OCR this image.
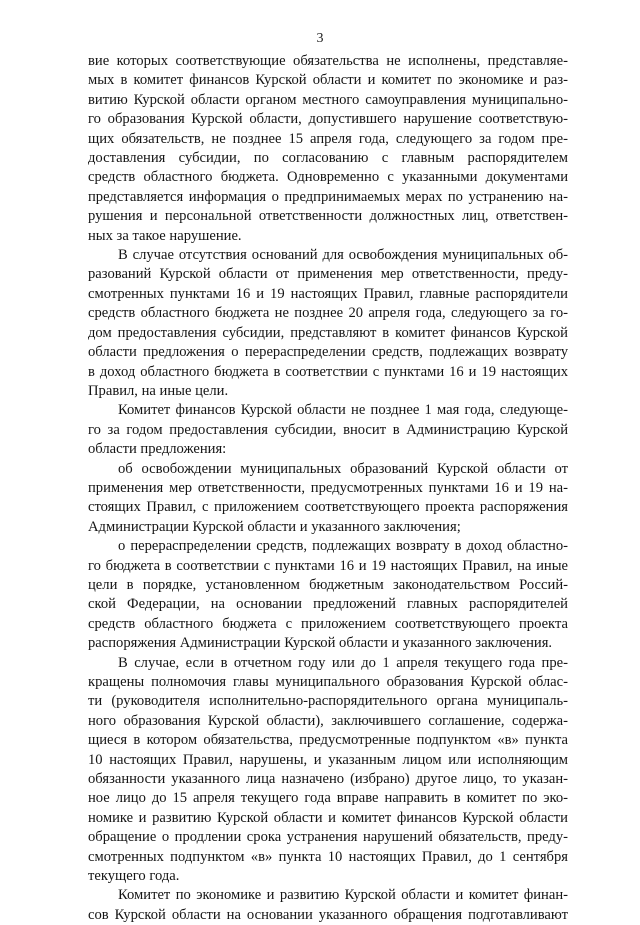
3
вие которых соответствующие обязательства не исполнены, представляе-
мых в комитет финансов Курской области и комитет по экономике и раз-
витию Курской области органом местного самоуправления муниципально-
го образования Курской области, допустившего нарушение соответствую-
щих обязательств, не позднее 15 апреля года, следующего за годом пре-
доставления субсидии, по согласованию с главным распорядителем
средств областного бюджета. Одновременно с указанными документами
представляется информация о предпринимаемых мерах по устранению на-
рушения и персональной ответственности должностных лиц, ответствен-
ных за такое нарушение.
В случае отсутствия оснований для освобождения муниципальных об-
разований Курской области от применения мер ответственности, преду-
смотренных пунктами 16 и 19 настоящих Правил, главные распорядители
средств областного бюджета не позднее 20 апреля года, следующего за го-
дом предоставления субсидии, представляют в комитет финансов Курской
области предложения о перераспределении средств, подлежащих возврату
в доход областного бюджета в соответствии с пунктами 16 и 19 настоящих
Правил, на иные цели.
Комитет финансов Курской области не позднее 1 мая года, следующе-
го за годом предоставления субсидии, вносит в Администрацию Курской
области предложения:
об освобождении муниципальных образований Курской области от
применения мер ответственности, предусмотренных пунктами 16 и 19 на-
стоящих Правил, с приложением соответствующего проекта распоряжения
Администрации Курской области и указанного заключения;
о перераспределении средств, подлежащих возврату в доход областно-
го бюджета в соответствии с пунктами 16 и 19 настоящих Правил, на иные
цели в порядке, установленном бюджетным законодательством Россий-
ской Федерации, на основании предложений главных распорядителей
средств областного бюджета с приложением соответствующего проекта
распоряжения Администрации Курской области и указанного заключения.
В случае, если в отчетном году или до 1 апреля текущего года пре-
кращены полномочия главы муниципального образования Курской облас-
ти (руководителя исполнительно-распорядительного органа муниципаль-
ного образования Курской области), заключившего соглашение, содержа-
щиеся в котором обязательства, предусмотренные подпунктом «в» пункта
10 настоящих Правил, нарушены, и указанным лицом или исполняющим
обязанности указанного лица назначено (избрано) другое лицо, то указан-
ное лицо до 15 апреля текущего года вправе направить в комитет по эко-
номике и развитию Курской области и комитет финансов Курской области
обращение о продлении срока устранения нарушений обязательств, преду-
смотренных подпунктом «в» пункта 10 настоящих Правил, до 1 сентября
текущего года.
Комитет по экономике и развитию Курской области и комитет финан-
сов Курской области на основании указанного обращения подготавливают
